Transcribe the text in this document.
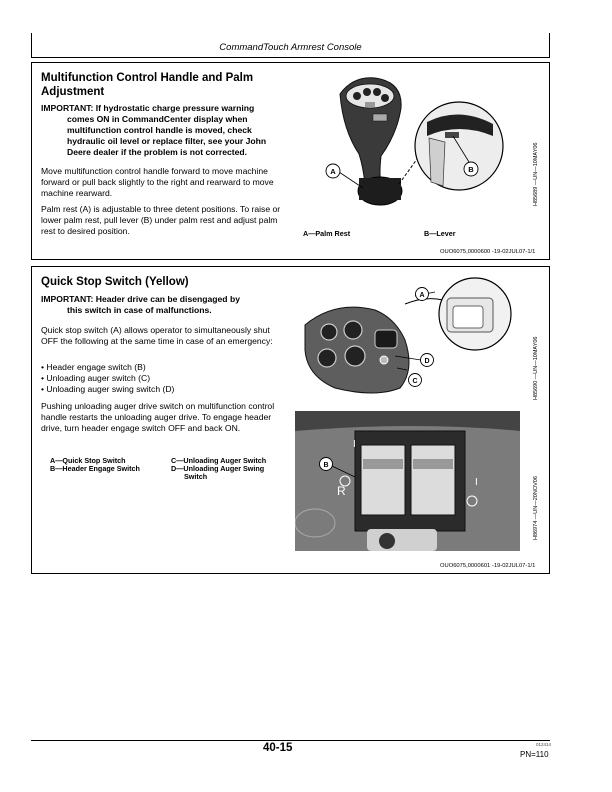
CommandTouch Armrest Console
Multifunction Control Handle and Palm Adjustment
IMPORTANT: If hydrostatic charge pressure warning
comes ON in CommandCenter display when multifunction control handle is moved, check hydraulic oil level or replace filter, see your John Deere dealer if the problem is not corrected.
Move multifunction control handle forward to move machine forward or pull back slightly to the right and rearward to move machine rearward.
Palm rest (A) is adjustable to three detent positions. To raise or lower palm rest, pull lever (B) under palm rest and adjust palm rest to desired position.
A	B	H85689 —UN—10MAY06
A—Palm Rest	B—Lever
OUO6075,0000600 -19-02JUL07-1/1
Quick Stop Switch (Yellow)
IMPORTANT: Header drive can be disengaged by
this switch in case of malfunctions.
Quick stop switch (A) allows operator to simultaneously shut OFF the following at the same time in case of an emergency:
• Header engage switch (B)
• Unloading auger switch (C)
• Unloading auger swing switch (D)
Pushing unloading auger drive switch on multifunction control handle restarts the unloading auger drive. To engage header drive, turn header engage switch OFF and back ON.
A—Quick Stop Switch
B—Header Engage Switch
C—Unloading Auger Switch
D—Unloading Auger Swing
Switch
A
D
C	H85690 —UN—10MAY06
I
I
R
B
H86974 —UN—20NOV06
OUO6075,0000601 -19-02JUL07-1/1
40-15	012414
PN=110
